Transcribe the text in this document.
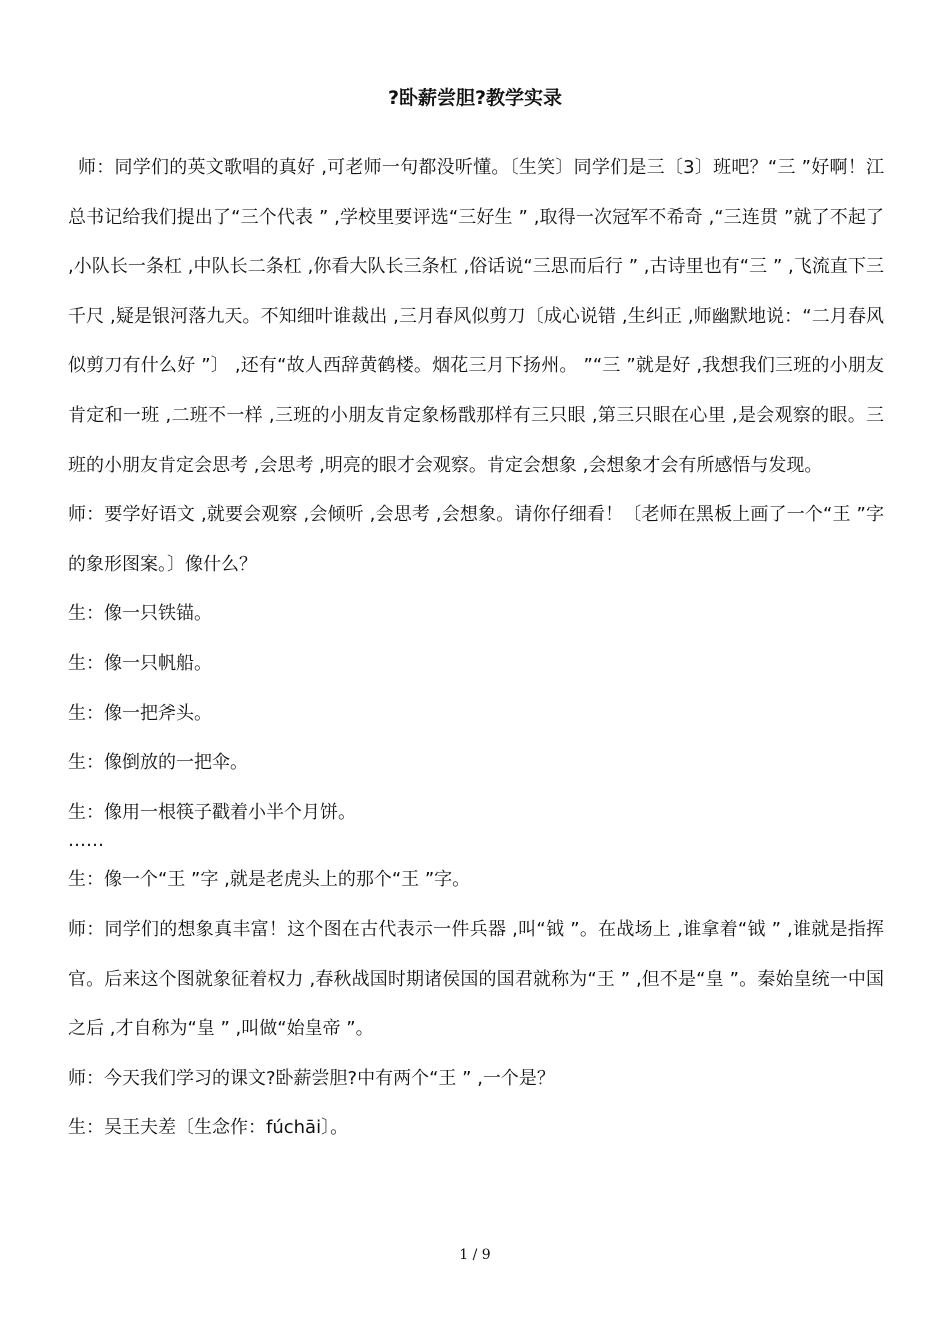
?卧薪尝胆?教学实录

师：同学们的英文歌唱的真好 ,可老师一句都没听懂。〔生笑〕同学们是三〔3〕班吧？“三 ”好啊！江总书记给我们提出了“三个代表 ” ,学校里要评选“三好生 ” ,取得一次冠军不希奇 ,“三连贯 ”就了不起了 ,小队长一条杠 ,中队长二条杠 ,你看大队长三条杠 ,俗话说“三思而后行 ” ,古诗里也有“三 ” ,飞流直下三千尺 ,疑是银河落九天。不知细叶谁裁出 ,三月春风似剪刀〔成心说错 ,生纠正 ,师幽默地说：“二月春风似剪刀有什么好 ”〕 ,还有“故人西辞黄鹤楼。烟花三月下扬州。 ”“三 ”就是好 ,我想我们三班的小朋友肯定和一班 ,二班不一样 ,三班的小朋友肯定象杨戬那样有三只眼 ,第三只眼在心里 ,是会观察的眼。三班的小朋友肯定会思考 ,会思考 ,明亮的眼才会观察。肯定会想象 ,会想象才会有所感悟与发现。

师：要学好语文 ,就要会观察 ,会倾听 ,会思考 ,会想象。请你仔细看！〔老师在黑板上画了一个“王 ”字的象形图案。〕像什么？

生：像一只铁锚。

生：像一只帆船。

生：像一把斧头。

生：像倒放的一把伞。

生：像用一根筷子戳着小半个月饼。

……

生：像一个“王 ”字 ,就是老虎头上的那个“王 ”字。

师：同学们的想象真丰富！这个图在古代表示一件兵器 ,叫“钺 ”。在战场上 ,谁拿着“钺 ” ,谁就是指挥官。后来这个图就象征着权力 ,春秋战国时期诸侯国的国君就称为“王 ” ,但不是“皇 ”。秦始皇统一中国之后 ,才自称为“皇 ” ,叫做“始皇帝 ”。

师：今天我们学习的课文?卧薪尝胆?中有两个“王 ” ,一个是？

生：吴王夫差〔生念作：fúchāi〕。

1 / 9
